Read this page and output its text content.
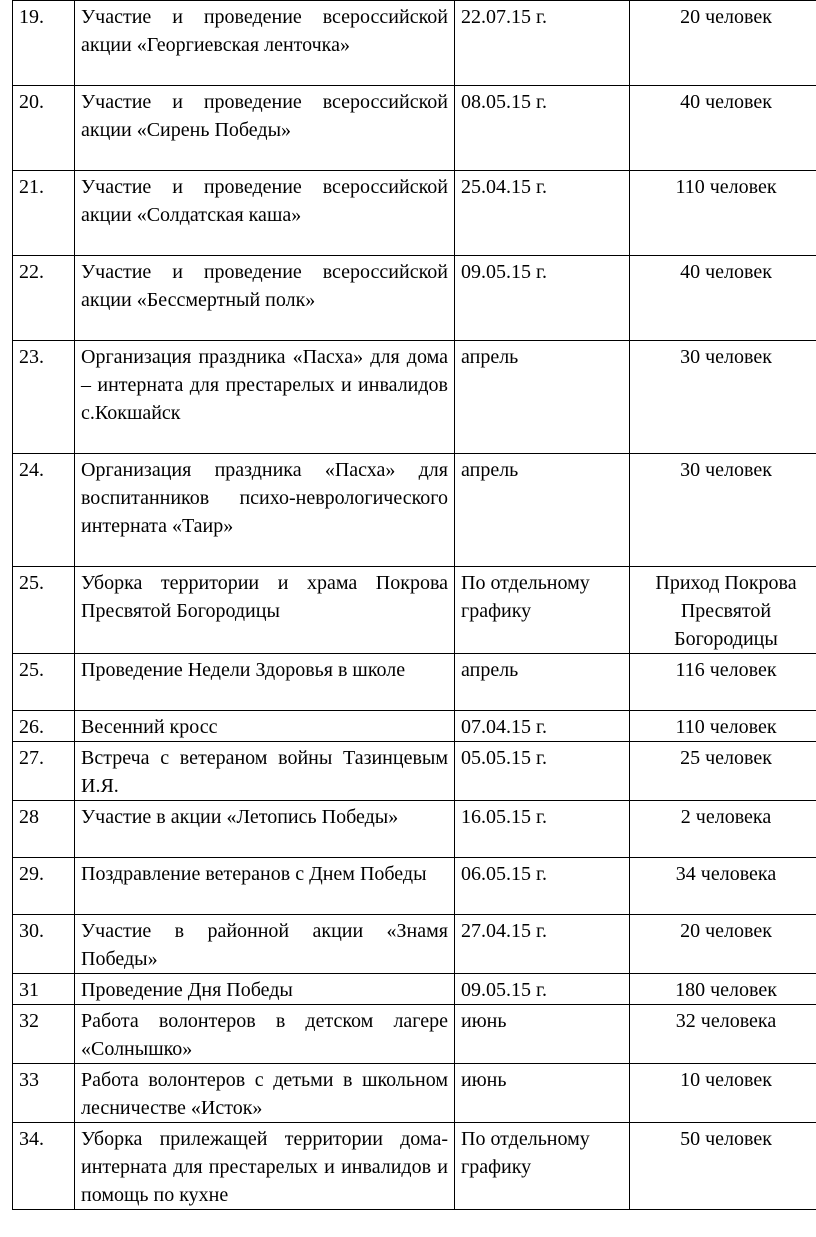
19.	Участие и проведение всероссийской акции «Георгиевская ленточка»	22.07.15 г.	20 человек
20.	Участие и проведение всероссийской акции «Сирень Победы»	08.05.15 г.	40 человек
21.	Участие и проведение всероссийской акции «Солдатская каша»	25.04.15 г.	110 человек
22.	Участие и проведение всероссийской акции «Бессмертный полк»	09.05.15 г.	40 человек
23.	Организация праздника «Пасха» для дома – интерната для престарелых и инвалидов с.Кокшайск	апрель	30 человек
24.	Организация праздника «Пасха» для воспитанников психо-неврологического интерната «Таир»	апрель	30 человек
25.	Уборка территории и храма Покрова Пресвятой Богородицы	По отдельному графику	Приход Покрова Пресвятой Богородицы
25.	Проведение Недели Здоровья в школе	апрель	116 человек
26.	Весенний кросс	07.04.15 г.	110 человек
27.	Встреча с ветераном войны Тазинцевым И.Я.	05.05.15 г.	25 человек
28	Участие в акции «Летопись Победы»	16.05.15 г.	2 человека
29.	Поздравление ветеранов с Днем Победы	06.05.15 г.	34 человека
30.	Участие в районной акции «Знамя Победы»	27.04.15 г.	20 человек
31	Проведение Дня Победы	09.05.15 г.	180 человек
32	Работа волонтеров в детском лагере «Солнышко»	июнь	32 человека
33	Работа волонтеров с детьми в школьном лесничестве «Исток»	июнь	10 человек
34.	Уборка прилежащей территории дома- интерната для престарелых и инвалидов и помощь по кухне	По отдельному графику	50 человек
